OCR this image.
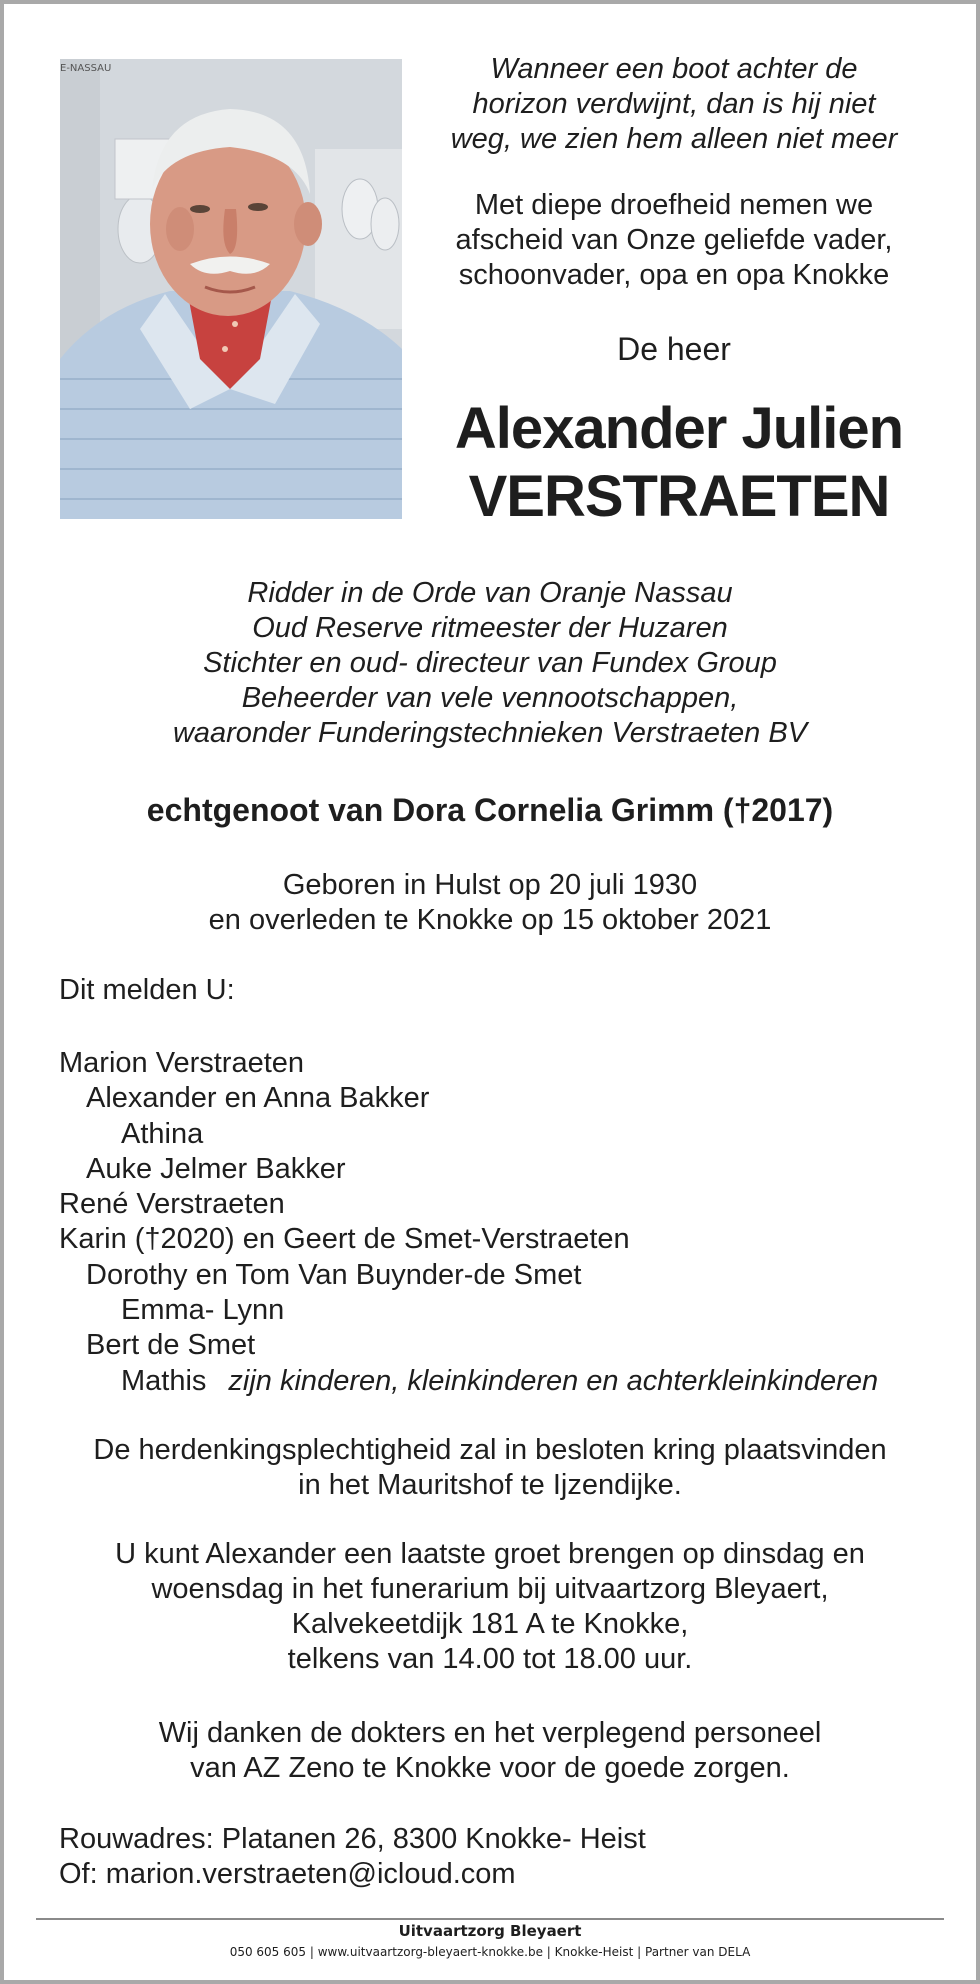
E-NASSAU	Wanneer een boot achter de
horizon verdwijnt, dan is hij niet
weg, we zien hem alleen niet meer
Met diepe droefheid nemen we
afscheid van Onze geliefde vader,
schoonvader, opa en opa Knokke
De heer
Alexander Julien
VERSTRAETEN
Ridder in de Orde van Oranje Nassau
Oud Reserve ritmeester der Huzaren
Stichter en oud- directeur van Fundex Group
Beheerder van vele vennootschappen,
waaronder Funderingstechnieken Verstraeten BV
echtgenoot van Dora Cornelia Grimm (†2017)
Geboren in Hulst op 20 juli 1930
en overleden te Knokke op 15 oktober 2021
Dit melden U:
Marion Verstraeten
Alexander en Anna Bakker
Athina
Auke Jelmer Bakker
René Verstraeten
Karin (†2020) en Geert de Smet-Verstraeten
Dorothy en Tom Van Buynder-de Smet
Emma- Lynn
Bert de Smet
Mathis zijn kinderen, kleinkinderen en achterkleinkinderen
De herdenkingsplechtigheid zal in besloten kring plaatsvinden
in het Mauritshof te Ijzendijke.
U kunt Alexander een laatste groet brengen op dinsdag en
woensdag in het funerarium bij uitvaartzorg Bleyaert,
Kalvekeetdijk 181 A te Knokke,
telkens van 14.00 tot 18.00 uur.
Wij danken de dokters en het verplegend personeel
van AZ Zeno te Knokke voor de goede zorgen.
Rouwadres: Platanen 26, 8300 Knokke- Heist
Of: marion.verstraeten@icloud.com
Uitvaartzorg Bleyaert
050 605 605 | www.uitvaartzorg-bleyaert-knokke.be | Knokke-Heist | Partner van DELA
